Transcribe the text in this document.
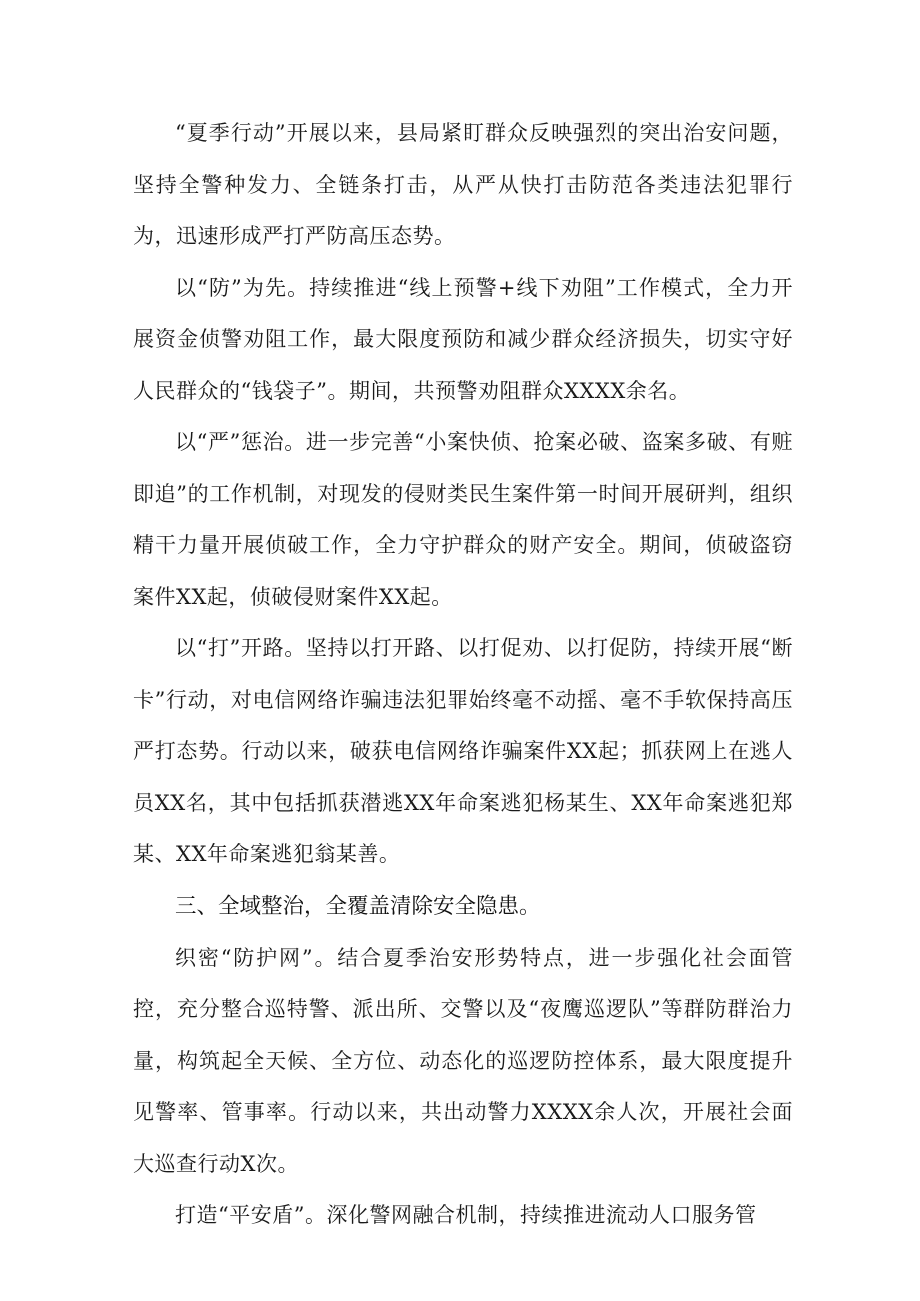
“夏季行动”开展以来，县局紧盯群众反映强烈的突出治安问题，坚持全警种发力、全链条打击，从严从快打击防范各类违法犯罪行为，迅速形成严打严防高压态势。

以“防”为先。持续推进“线上预警+线下劝阻”工作模式，全力开展资金侦警劝阻工作，最大限度预防和减少群众经济损失，切实守好人民群众的“钱袋子”。期间，共预警劝阻群众XXXX余名。

以“严”惩治。进一步完善“小案快侦、抢案必破、盗案多破、有赃即追”的工作机制，对现发的侵财类民生案件第一时间开展研判，组织精干力量开展侦破工作，全力守护群众的财产安全。期间，侦破盗窃案件XX起，侦破侵财案件XX起。

以“打”开路。坚持以打开路、以打促劝、以打促防，持续开展“断卡”行动，对电信网络诈骗违法犯罪始终毫不动摇、毫不手软保持高压严打态势。行动以来，破获电信网络诈骗案件XX起；抓获网上在逃人员XX名，其中包括抓获潜逃XX年命案逃犯杨某生、XX年命案逃犯郑某、XX年命案逃犯翁某善。

三、全域整治，全覆盖清除安全隐患。

织密“防护网”。结合夏季治安形势特点，进一步强化社会面管控，充分整合巡特警、派出所、交警以及“夜鹰巡逻队”等群防群治力量，构筑起全天候、全方位、动态化的巡逻防控体系，最大限度提升见警率、管事率。行动以来，共出动警力XXXX余人次，开展社会面大巡查行动X次。

打造“平安盾”。深化警网融合机制，持续推进流动人口服务管
